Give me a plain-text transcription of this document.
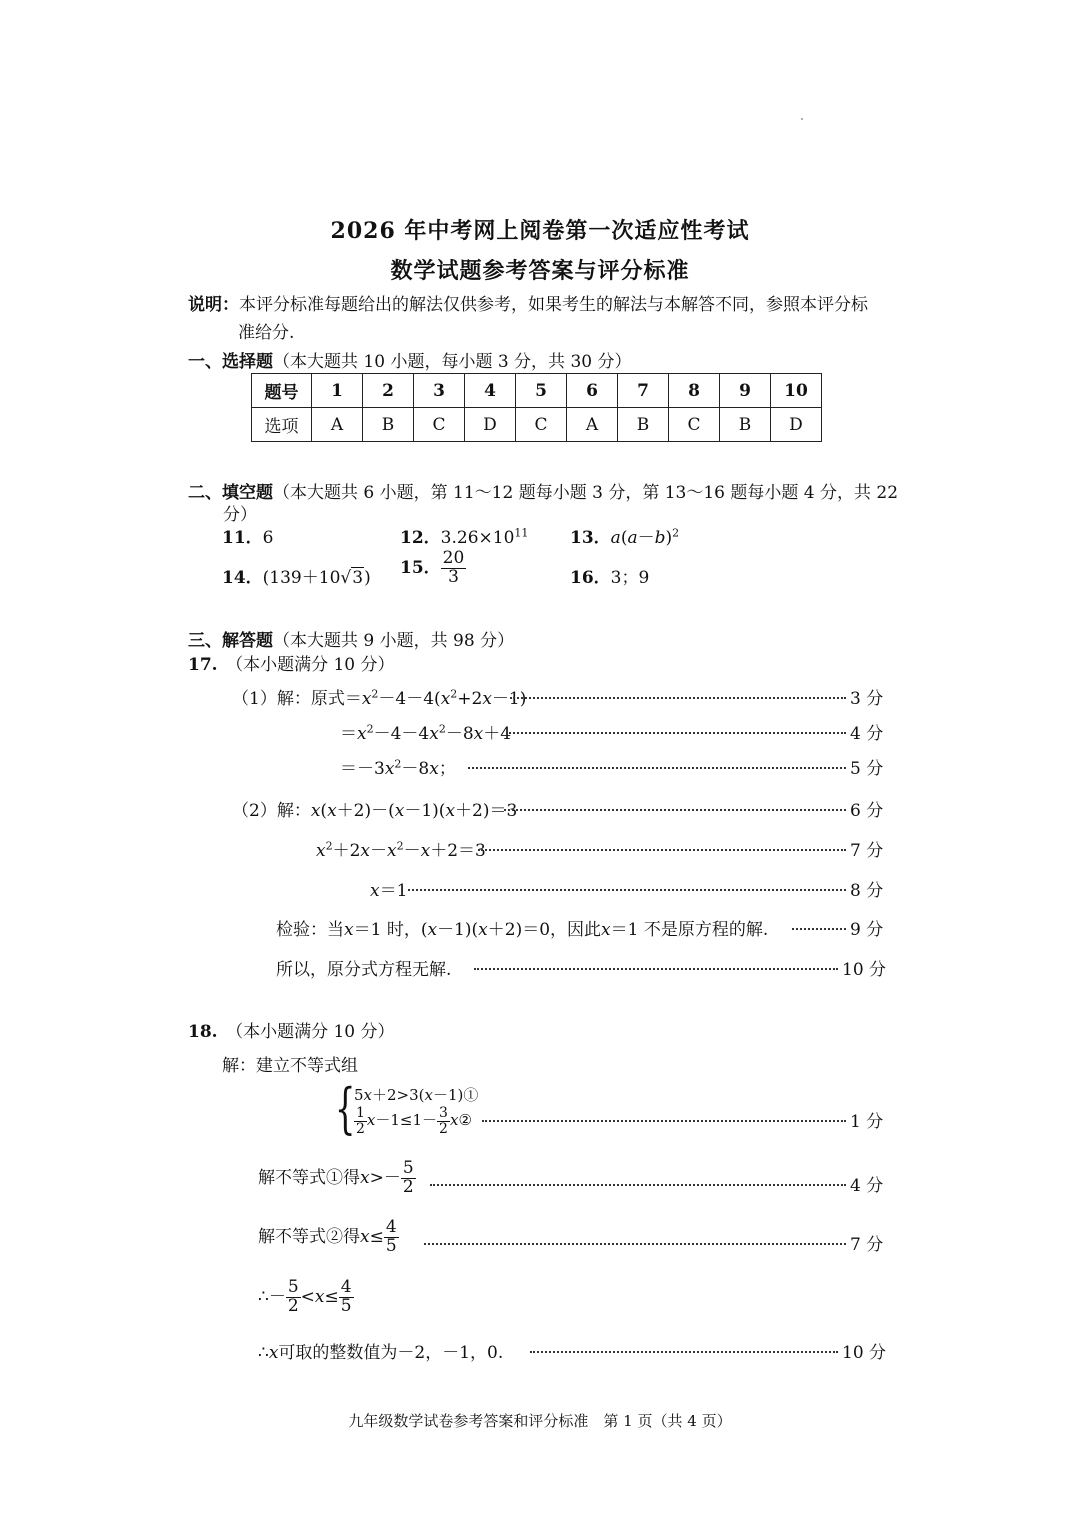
2026 年中考网上阅卷第一次适应性考试
数学试题参考答案与评分标准
说明：本评分标准每题给出的解法仅供参考，如果考生的解法与本解答不同，参照本评分标
准给分.
一、选择题（本大题共 10 小题，每小题 3 分，共 30 分）
题号	1	2	3	4	5	6	7	8	9	10
选项	A	B	C	D	C	A	B	C	B	D
二、填空题（本大题共 6 小题，第 11～12 题每小题 3 分，第 13～16 题每小题 4 分，共 22
分）
11．6	12．$3.26\times 10^{11}$ 13．$a(a-b)^2$
14．(139＋10√3)
15． $\frac{20}{3}$	16．3；9
三、解答题（本大题共 9 小题，共 98 分）
17.　 （本小题满分 10 分）
（1）解：原式$=x^2-4-4(x^2+2x-1)$	3 分
$=x^2-4-4x^2-8x+4$	4 分
$=-3x^2-8x$；	5 分
（2）解：x(x＋2)－(x－1)(x＋2)＝3	6 分
$x^2+2x-x^2-x+2=3$	7 分
x＝1	8 分
检验：当x＝1 时，(x－1)(x＋2)＝0，因此x＝1 不是原方程的解.	9 分
所以，原分式方程无解.	10 分
18.　 （本小题满分 10 分）
解：建立不等式组
{
5x＋2>3(x－1)①
$\frac{1}{2} x-1\le 1- \frac{3}{2}$ x②	1 分
解不等式①得$x>- \frac{5}{2}$	4 分
解不等式②得$x\le \frac{4}{5}$	7 分
∴－ $\frac{5}{2} <x\le \frac{4}{5}$
∴x可取的整数值为－2，－1，0.	10 分
九年级数学试卷参考答案和评分标准　第 1 页（共 4 页）
